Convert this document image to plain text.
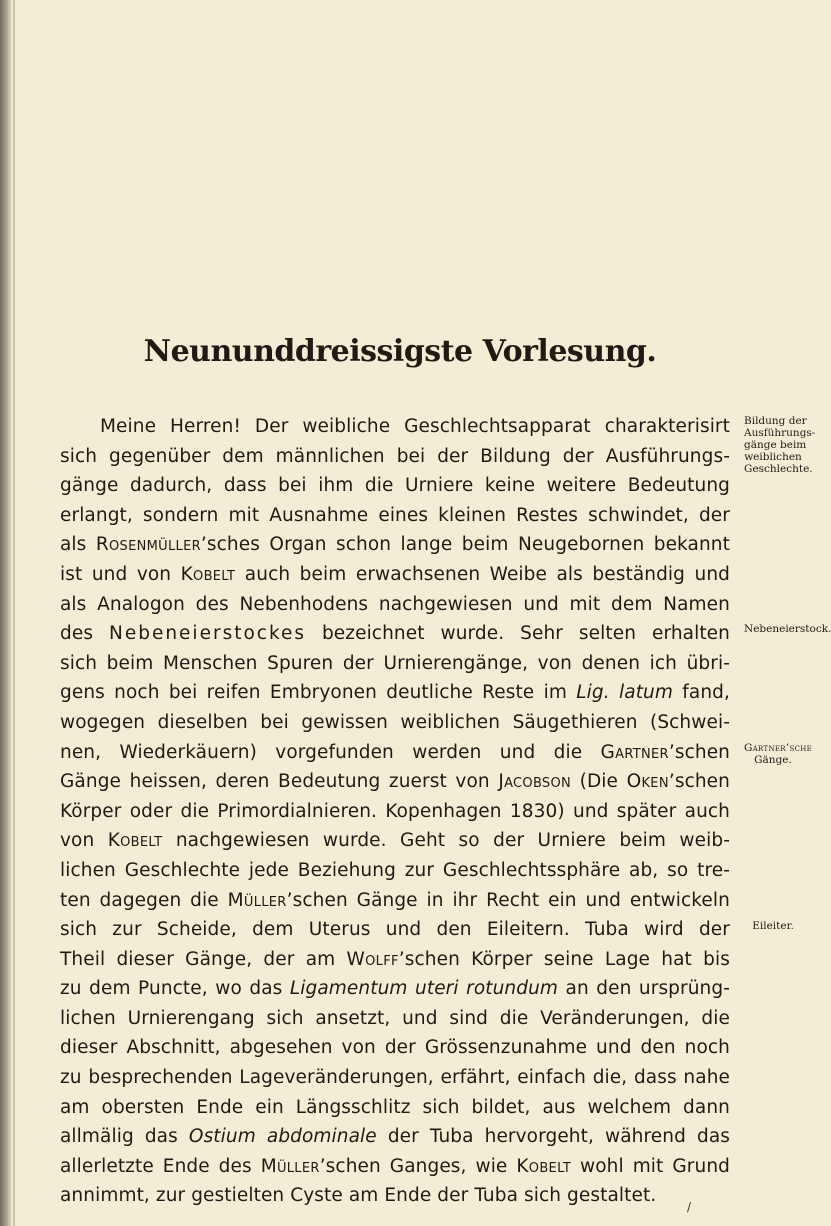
Neununddreissigste Vorlesung.
Meine Herren! Der weibliche Geschlechtsapparat charakterisirt
sich gegenüber dem männlichen bei der Bildung der Ausführungs-
gänge dadurch, dass bei ihm die Urniere keine weitere Bedeutung
erlangt, sondern mit Ausnahme eines kleinen Restes schwindet, der
als Rosenmüller’sches Organ schon lange beim Neugebornen bekannt
ist und von Kobelt auch beim erwachsenen Weibe als beständig und
als Analogon des Nebenhodens nachgewiesen und mit dem Namen
des Nebeneierstockes bezeichnet wurde. Sehr selten erhalten
sich beim Menschen Spuren der Urnierengänge, von denen ich übri-
gens noch bei reifen Embryonen deutliche Reste im Lig. latum fand,
wogegen dieselben bei gewissen weiblichen Säugethieren (Schwei-
nen, Wiederkäuern) vorgefunden werden und die Gartner’schen
Gänge heissen, deren Bedeutung zuerst von Jacobson (Die Oken’schen
Körper oder die Primordialnieren. Kopenhagen 1830) und später auch
von Kobelt nachgewiesen wurde. Geht so der Urniere beim weib-
lichen Geschlechte jede Beziehung zur Geschlechtssphäre ab, so tre-
ten dagegen die Müller’schen Gänge in ihr Recht ein und entwickeln
sich zur Scheide, dem Uterus und den Eileitern. Tuba wird der
Theil dieser Gänge, der am Wolff’schen Körper seine Lage hat bis
zu dem Puncte, wo das Ligamentum uteri rotundum an den ursprüng-
lichen Urnierengang sich ansetzt, und sind die Veränderungen, die
dieser Abschnitt, abgesehen von der Grössenzunahme und den noch
zu besprechenden Lageveränderungen, erfährt, einfach die, dass nahe
am obersten Ende ein Längsschlitz sich bildet, aus welchem dann
allmälig das Ostium abdominale der Tuba hervorgeht, während das
allerletzte Ende des Müller’schen Ganges, wie Kobelt wohl mit Grund
annimmt, zur gestielten Cyste am Ende der Tuba sich gestaltet.
Bildung der
Ausführungs-
gänge beim
weiblichen
Geschlechte.
Nebeneierstock.
Gartner’sche
Gänge.
Eileiter.
/
